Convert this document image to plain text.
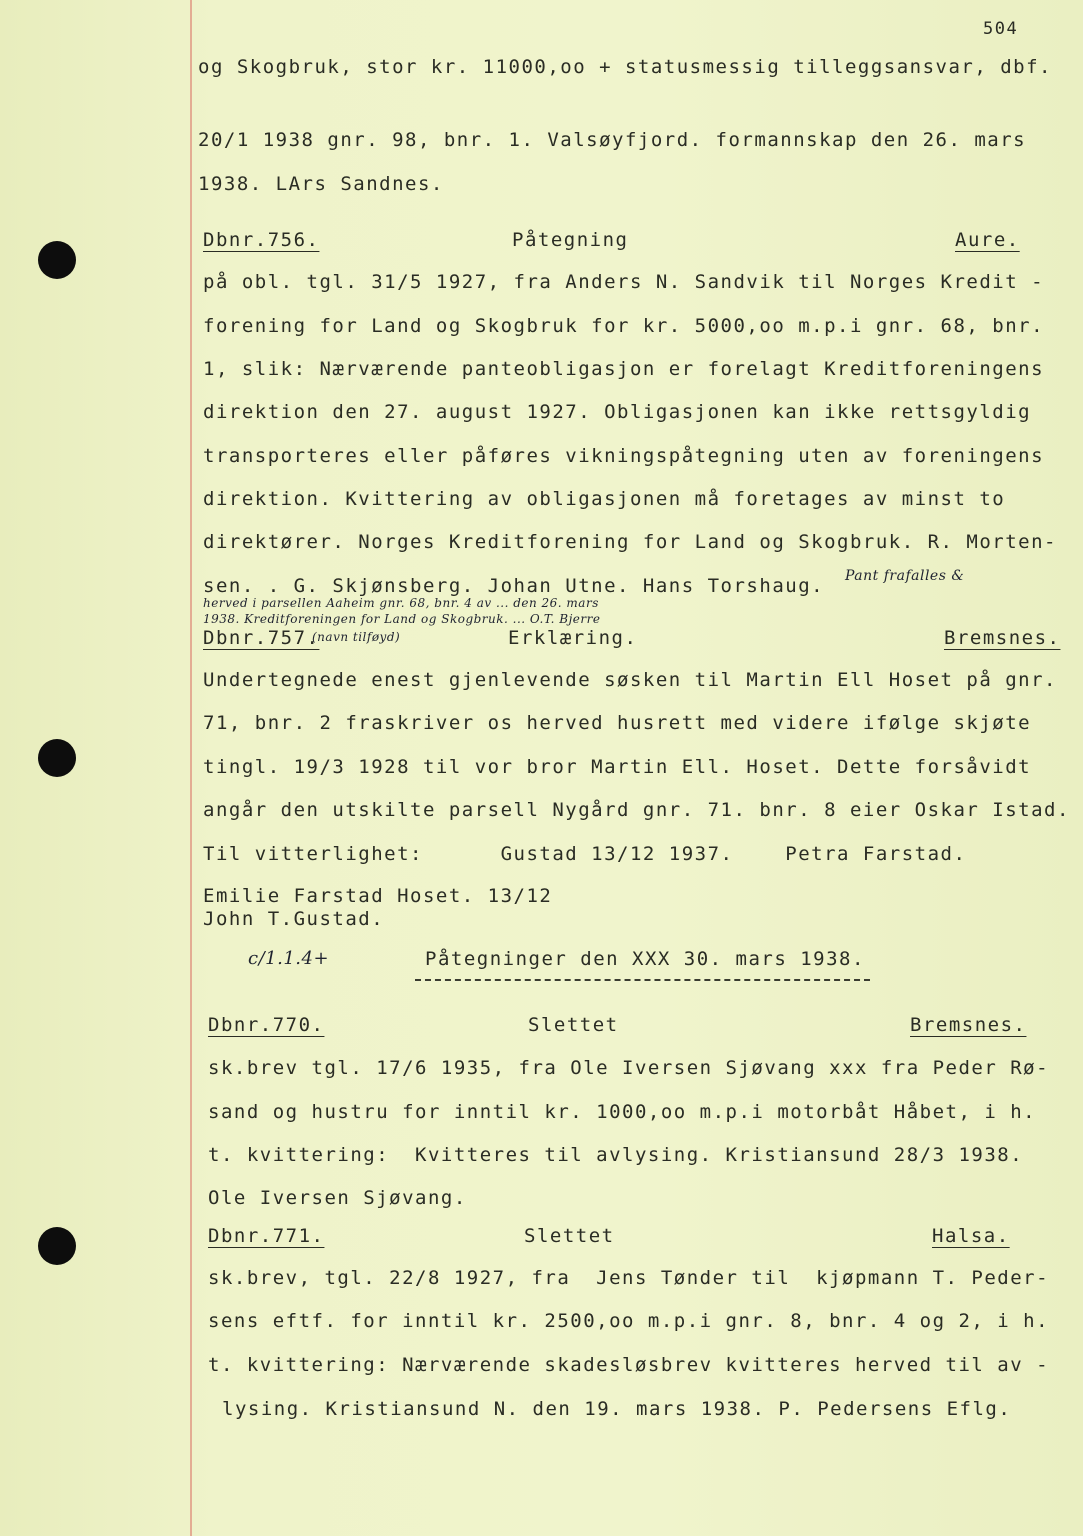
504
og Skogbruk, stor kr. 11000,oo + statusmessig tilleggsansvar, dbf.
20/1 1938 gnr. 98, bnr. 1. Valsøyfjord. formannskap den 26. mars
1938. LArs Sandnes.
Dbnr.756.	Påtegning	Aure.
på obl. tgl. 31/5 1927, fra Anders N. Sandvik til Norges Kredit -
forening for Land og Skogbruk for kr. 5000,oo m.p.i gnr. 68, bnr.
1, slik: Nærværende panteobligasjon er forelagt Kreditforeningens
direktion den 27. august 1927. Obligasjonen kan ikke rettsgyldig
transporteres eller påføres vikningspåtegning uten av foreningens
direktion. Kvittering av obligasjonen må foretages av minst to
direktører. Norges Kreditforening for Land og Skogbruk. R. Morten-
sen. . G. Skjønsberg. Johan Utne. Hans Torshaug. Pant frafalles &
herved i parsellen Aaheim gnr. 68, bnr. 4 av ... den 26. mars
1938. Kreditforeningen for Land og Skogbruk. ... O.T. Bjerre
Dbnr.757.
(navn tilføyd)	Erklæring.	Bremsnes.
Undertegnede enest gjenlevende søsken til Martin Ell Hoset på gnr.
71, bnr. 2 fraskriver os herved husrett med videre ifølge skjøte
tingl. 19/3 1928 til vor bror Martin Ell. Hoset. Dette forsåvidt
angår den utskilte parsell Nygård gnr. 71. bnr. 8 eier Oskar Istad.
Til vitterlighet:      Gustad 13/12 1937.    Petra Farstad.
Emilie Farstad Hoset. 13/12
John T.Gustad.
c/1.1.4+	Påtegninger den XXX 30. mars 1938.
Dbnr.770.	Slettet	Bremsnes.
sk.brev tgl. 17/6 1935, fra Ole Iversen Sjøvang xxx fra Peder Rø-
sand og hustru for inntil kr. 1000,oo m.p.i motorbåt Håbet, i h.
t. kvittering:  Kvitteres til avlysing. Kristiansund 28/3 1938.
Ole Iversen Sjøvang.
Dbnr.771.	Slettet	Halsa.
sk.brev, tgl. 22/8 1927, fra  Jens Tønder til  kjøpmann T. Peder-
sens eftf. for inntil kr. 2500,oo m.p.i gnr. 8, bnr. 4 og 2, i h.
t. kvittering: Nærværende skadesløsbrev kvitteres herved til av -
lysing. Kristiansund N. den 19. mars 1938. P. Pedersens Eflg.
